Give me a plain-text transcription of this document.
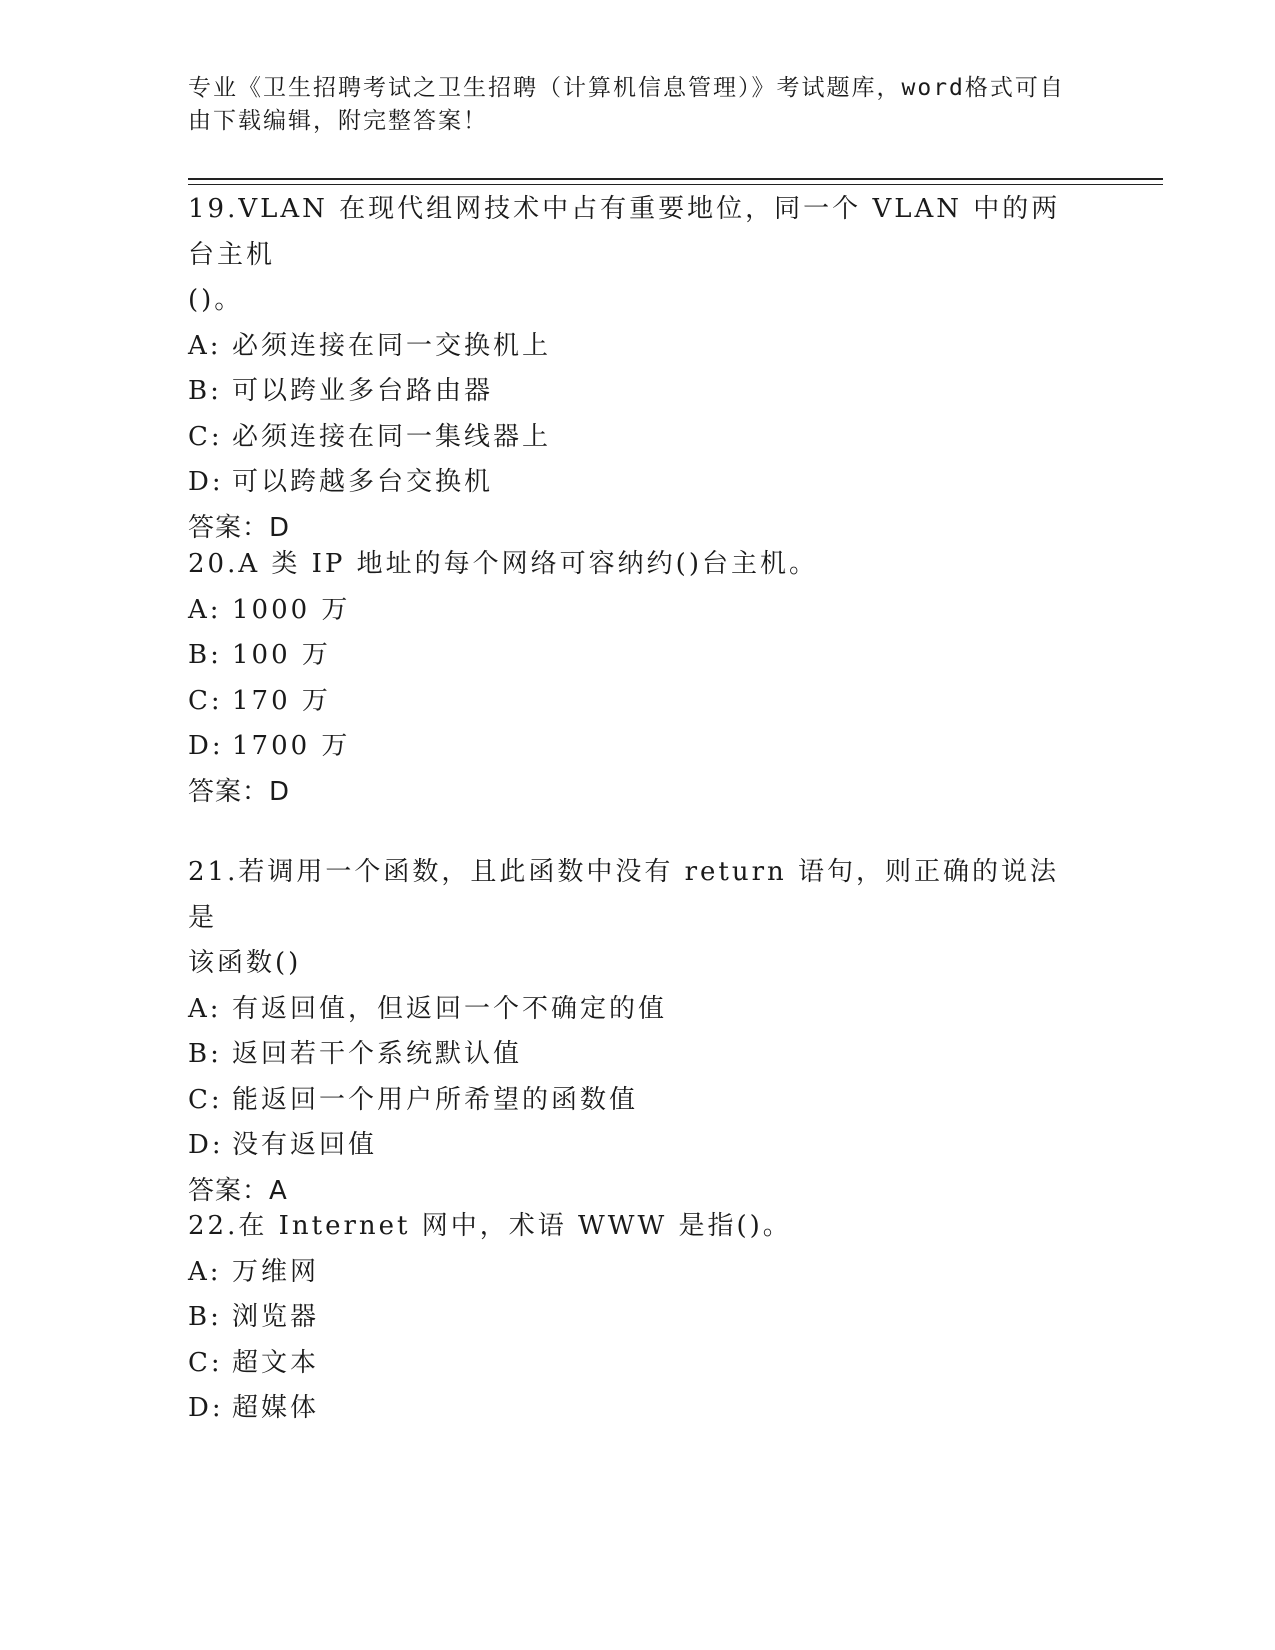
专业《卫生招聘考试之卫生招聘（计算机信息管理）》考试题库，word格式可自
由下载编辑，附完整答案！
19.VLAN 在现代组网技术中占有重要地位，同一个 VLAN 中的两台主机
()。
A: 必须连接在同一交换机上
B: 可以跨业多台路由器
C: 必须连接在同一集线器上
D: 可以跨越多台交换机
答案：D
20.A 类 IP 地址的每个网络可容纳约()台主机。
A: 1000 万
B: 100 万
C: 170 万
D: 1700 万
答案：D
21.若调用一个函数，且此函数中没有 return 语句，则正确的说法是
该函数()
A: 有返回值，但返回一个不确定的值
B: 返回若干个系统默认值
C: 能返回一个用户所希望的函数值
D: 没有返回值
答案：A
22.在 Internet 网中，术语 WWW 是指()。
A: 万维网
B: 浏览器
C: 超文本
D: 超媒体
